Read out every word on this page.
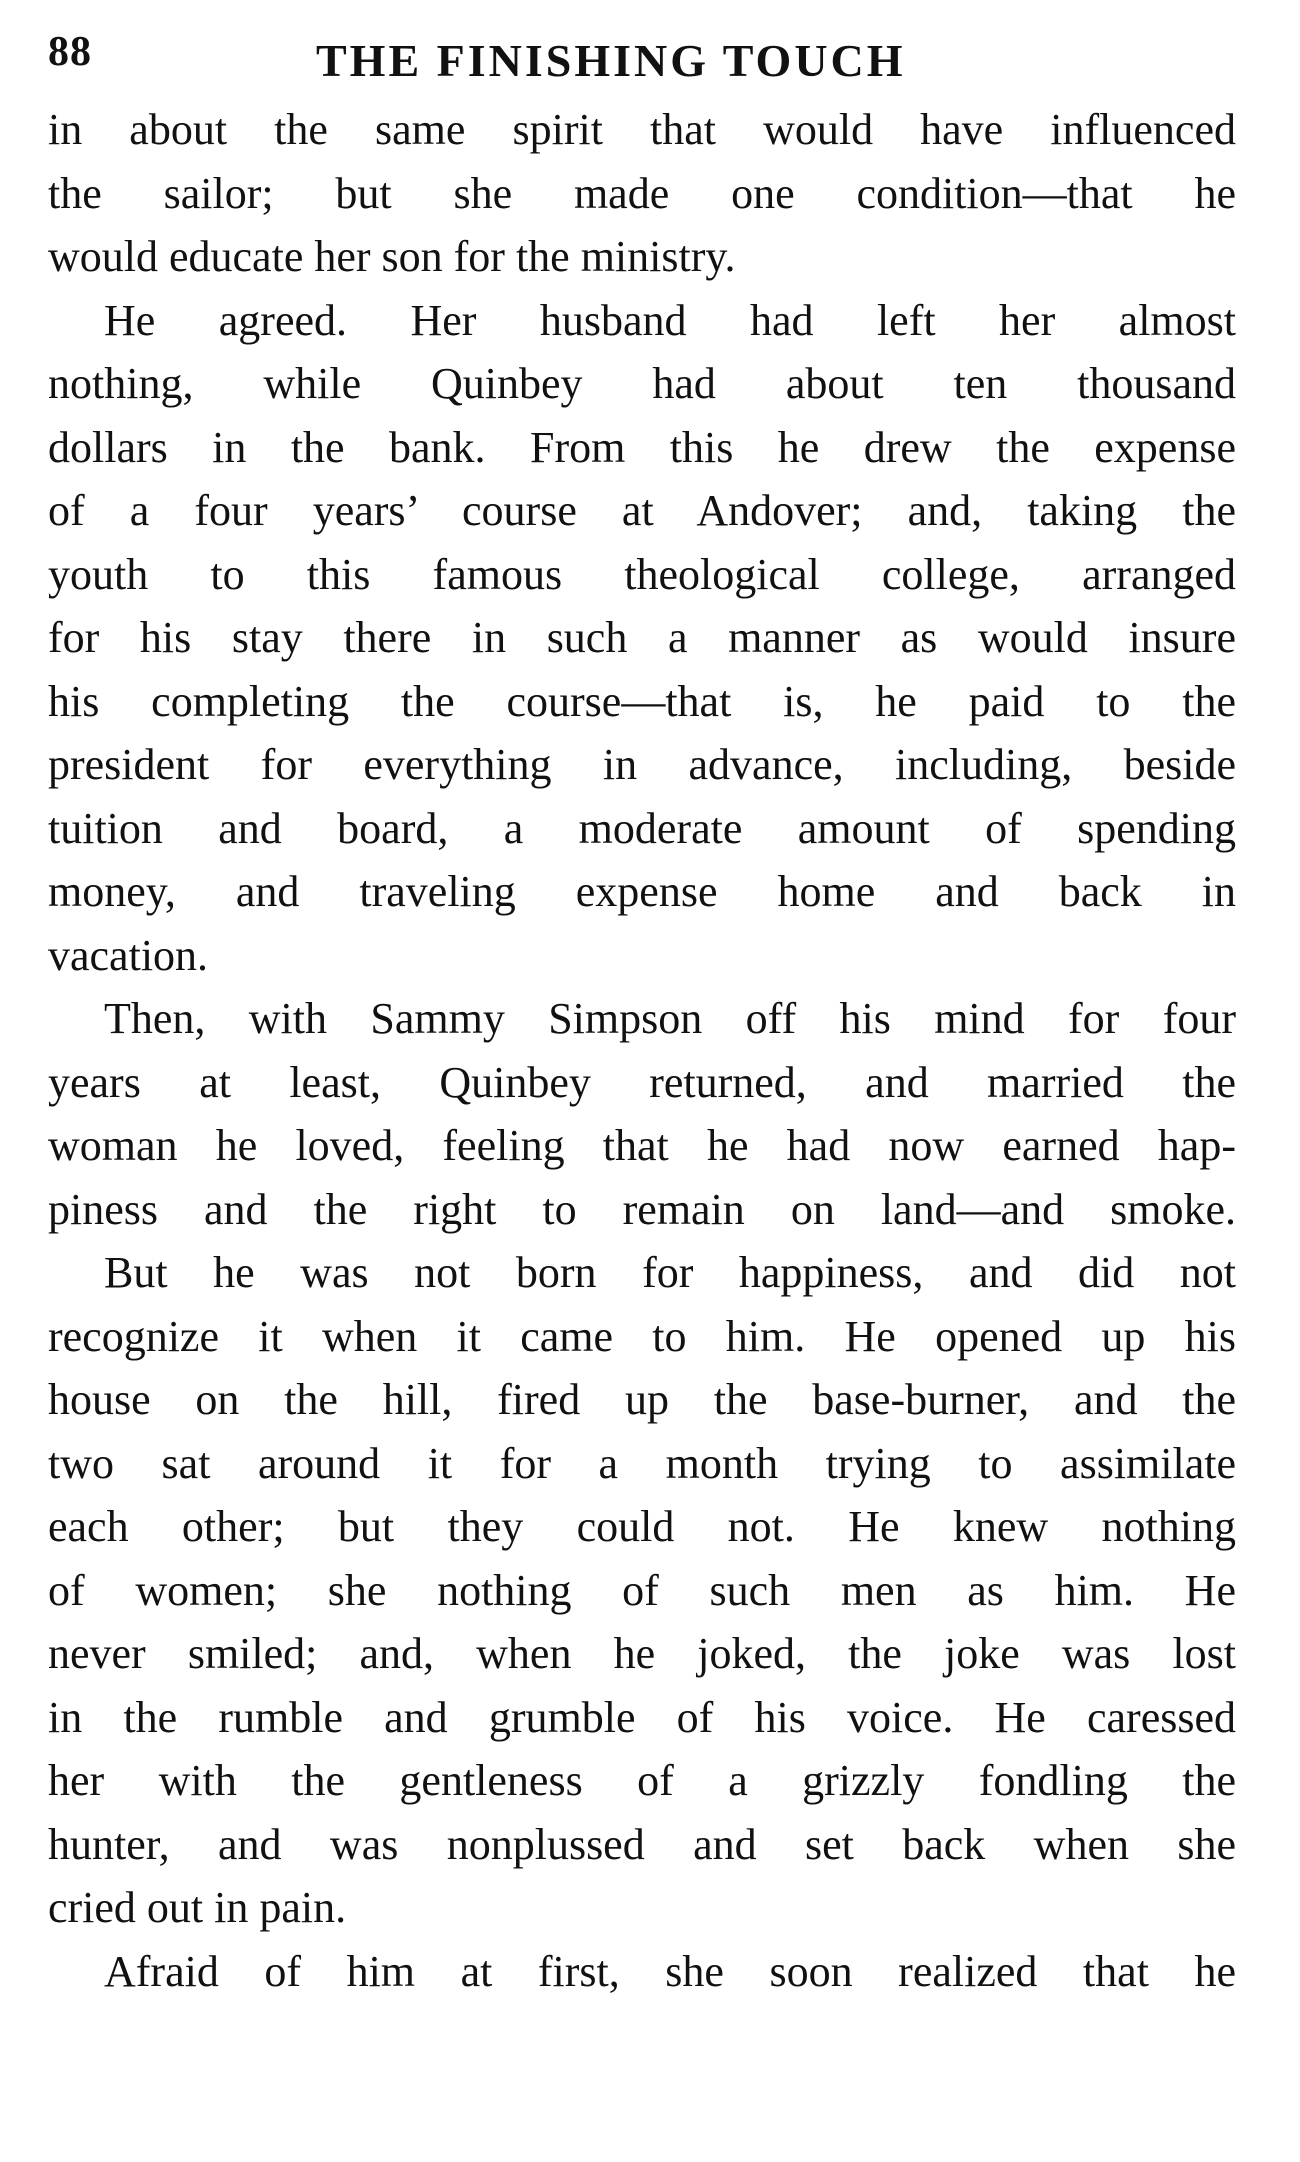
88	THE FINISHING TOUCH
in about the same spirit that would have influenced
the sailor; but she made one condition—that he
would educate her son for the ministry.
He agreed. Her husband had left her almost
nothing, while Quinbey had about ten thousand
dollars in the bank. From this he drew the expense
of a four years’ course at Andover; and, taking the
youth to this famous theological college, arranged
for his stay there in such a manner as would insure
his completing the course—that is, he paid to the
president for everything in advance, including, beside
tuition and board, a moderate amount of spending
money, and traveling expense home and back in
vacation.
Then, with Sammy Simpson off his mind for four
years at least, Quinbey returned, and married the
woman he loved, feeling that he had now earned hap-
piness and the right to remain on land—and smoke.
But he was not born for happiness, and did not
recognize it when it came to him. He opened up his
house on the hill, fired up the base-burner, and the
two sat around it for a month trying to assimilate
each other; but they could not. He knew nothing
of women; she nothing of such men as him. He
never smiled; and, when he joked, the joke was lost
in the rumble and grumble of his voice. He caressed
her with the gentleness of a grizzly fondling the
hunter, and was nonplussed and set back when she
cried out in pain.
Afraid of him at first, she soon realized that he
